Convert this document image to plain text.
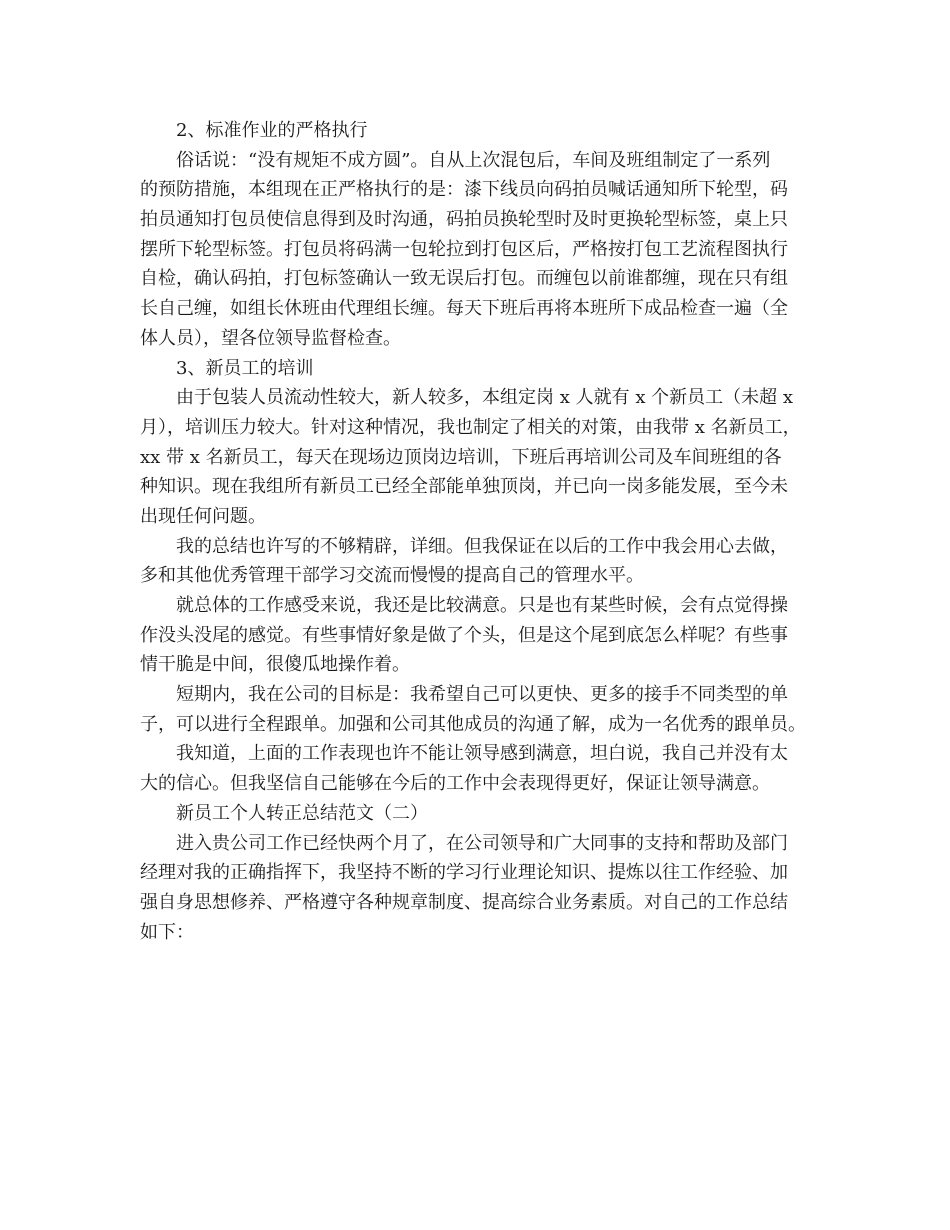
2、标准作业的严格执行
俗话说：“没有规矩不成方圆”。自从上次混包后，车间及班组制定了一系列
的预防措施，本组现在正严格执行的是：漆下线员向码拍员喊话通知所下轮型，码
拍员通知打包员使信息得到及时沟通，码拍员换轮型时及时更换轮型标签，桌上只
摆所下轮型标签。打包员将码满一包轮拉到打包区后，严格按打包工艺流程图执行
自检，确认码拍，打包标签确认一致无误后打包。而缠包以前谁都缠，现在只有组
长自己缠，如组长休班由代理组长缠。每天下班后再将本班所下成品检查一遍（全
体人员），望各位领导监督检查。
3、新员工的培训
由于包装人员流动性较大，新人较多，本组定岗 x 人就有 x 个新员工（未超 x
月），培训压力较大。针对这种情况，我也制定了相关的对策，由我带 x 名新员工，
xx 带 x 名新员工，每天在现场边顶岗边培训，下班后再培训公司及车间班组的各
种知识。现在我组所有新员工已经全部能单独顶岗，并已向一岗多能发展，至今未
出现任何问题。
我的总结也许写的不够精辟，详细。但我保证在以后的工作中我会用心去做，
多和其他优秀管理干部学习交流而慢慢的提高自己的管理水平。
就总体的工作感受来说，我还是比较满意。只是也有某些时候，会有点觉得操
作没头没尾的感觉。有些事情好象是做了个头，但是这个尾到底怎么样呢？有些事
情干脆是中间，很傻瓜地操作着。
短期内，我在公司的目标是：我希望自己可以更快、更多的接手不同类型的单
子，可以进行全程跟单。加强和公司其他成员的沟通了解，成为一名优秀的跟单员。
我知道，上面的工作表现也许不能让领导感到满意，坦白说，我自己并没有太
大的信心。但我坚信自己能够在今后的工作中会表现得更好，保证让领导满意。
新员工个人转正总结范文（二）
进入贵公司工作已经快两个月了，在公司领导和广大同事的支持和帮助及部门
经理对我的正确指挥下，我坚持不断的学习行业理论知识、提炼以往工作经验、加
强自身思想修养、严格遵守各种规章制度、提高综合业务素质。对自己的工作总结
如下：
